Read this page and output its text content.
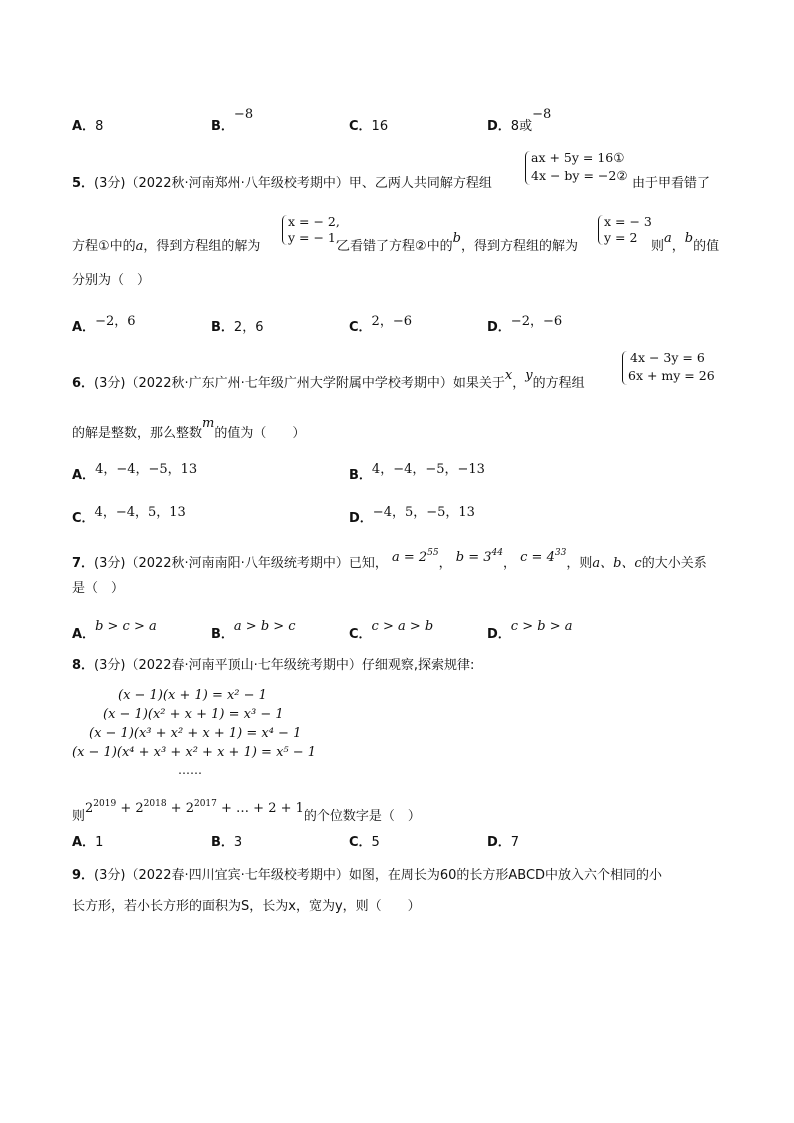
A．8	B．−8
C．16	D．8或−8
5．(3分)（2022秋·河南郑州·八年级校考期中）甲、乙两人共同解方程组
ax + 5y = 16①
4x − by = −2②
由于甲看错了
方程①中的a，得到方程组的解为
x = − 2,
y = − 1,
乙看错了方程②中的b，得到方程组的解为
x = − 3
y = 2
则a，b的值
分别为（　）
A．−2，6	B．2，6	C．2，−6	D．−2，−6
6．(3分)（2022秋·广东广州·七年级广州大学附属中学校考期中）如果关于x，y的方程组
4x − 3y = 6
6x + my = 26
的解是整数，那么整数m的值为（　　）
A．4，−4，−5，13	B．4，−4，−5，−13
C．4，−4，5，13	D．−4，5，−5，13
7．(3分)（2022秋·河南南阳·八年级统考期中）已知， $a = 2^{55}$， $b = 3^{44}$， $c = 4^{33}$，则a、b、c的大小关系
是（　）
A．b > c > a
B．a > b > c
C．c > a > b
D．c > b > a
8．(3分)（2022春·河南平顶山·七年级统考期中）仔细观察,探索规律:
(x − 1)(x + 1) = x² − 1
(x − 1)(x² + x + 1) = x³ − 1
(x − 1)(x³ + x² + x + 1) = x⁴ − 1
(x − 1)(x⁴ + x³ + x² + x + 1) = x⁵ − 1
……
则$2^{2019} + 2^{2018} + 2^{2017}$ + … + 2 + 1的个位数字是（　）
A．1	B．3	C．5	D．7
9．(3分)（2022春·四川宜宾·七年级校考期中）如图，在周长为60的长方形ABCD中放入六个相同的小
长方形，若小长方形的面积为S，长为x，宽为y，则（　　）
